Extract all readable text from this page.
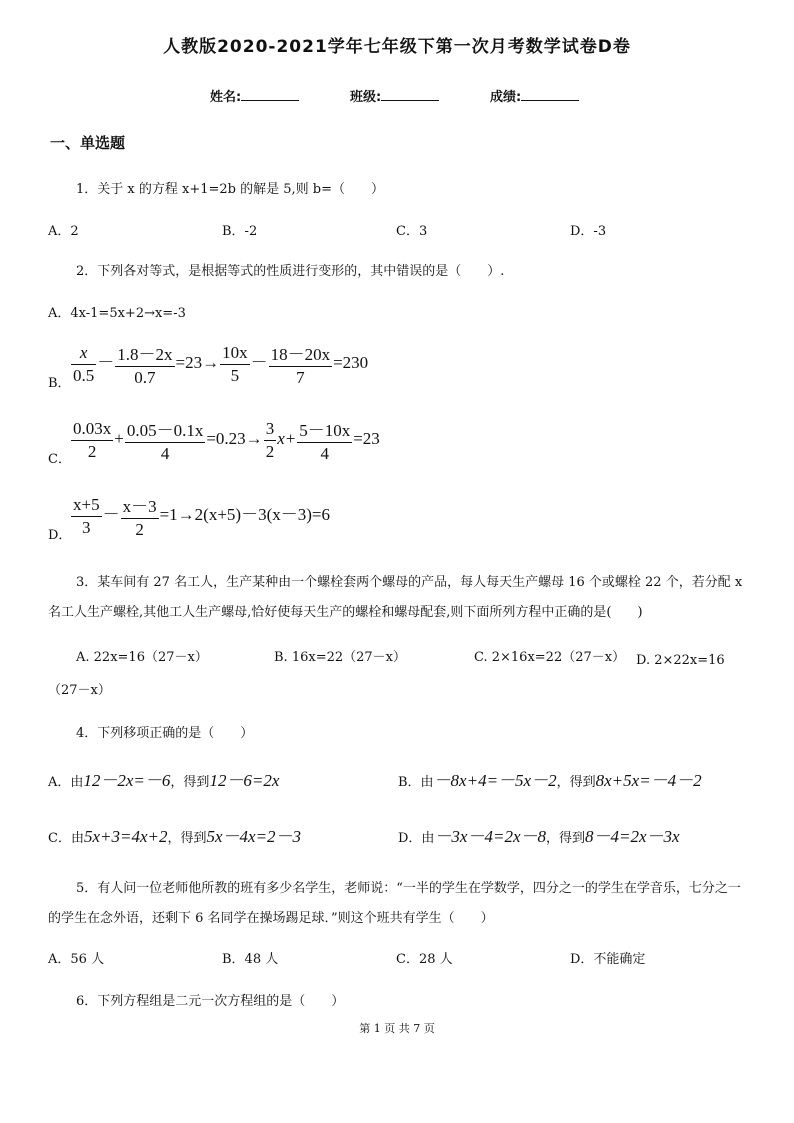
人教版2020-2021学年七年级下第一次月考数学试卷D卷
姓名:	班级:	成绩:
一、单选题
1．关于 x 的方程 x+1=2b 的解是 5,则 b=（　　）
A．2	B．-2	C．3	D．-3
2．下列各对等式，是根据等式的性质进行变形的，其中错误的是（　　）.
A．4x-1=5x+2→x=-3
B． $\frac{x}{0.5} - \frac{1.8-2x}{0.7} =23\to \frac{10x}{5} - \frac{18-20x}{7} =230$
C． $\frac{0.03x}{2} + \frac{0.05-0.1x}{4} =0.23\to \frac{3}{2} x+ \frac{5-10x}{4} =23$
D． $\frac{x+5}{3} - \frac{x-3}{2} =1\to 2(x+5)-3(x-3)=6$
3．某车间有 27 名工人，生产某种由一个螺栓套两个螺母的产品，每人每天生产螺母 16 个或螺栓 22 个，若分配 x 名工人生产螺栓,其他工人生产螺母,恰好使每天生产的螺栓和螺母配套,则下面所列方程中正确的是(　　)
A. 22x=16（27－x）	B. 16x=22（27－x）	C. 2×16x=22（27－x） D. 2×22x=16（27－x）
4．下列移项正确的是（　　）
A．由12－2x=－6，得到12－6=2x	B．由－8x+4=－5x－2，得到8x+5x=－4－2
C．由5x+3=4x+2，得到5x－4x=2－3	D．由－3x－4=2x－8，得到8－4=2x－3x
5．有人问一位老师他所教的班有多少名学生，老师说：“一半的学生在学数学，四分之一的学生在学音乐，七分之一的学生在念外语，还剩下 6 名同学在操场踢足球．”则这个班共有学生（　　）
A．56 人	B．48 人	C．28 人	D．不能确定
6．下列方程组是二元一次方程组的是（　　）
第 1 页 共 7 页
